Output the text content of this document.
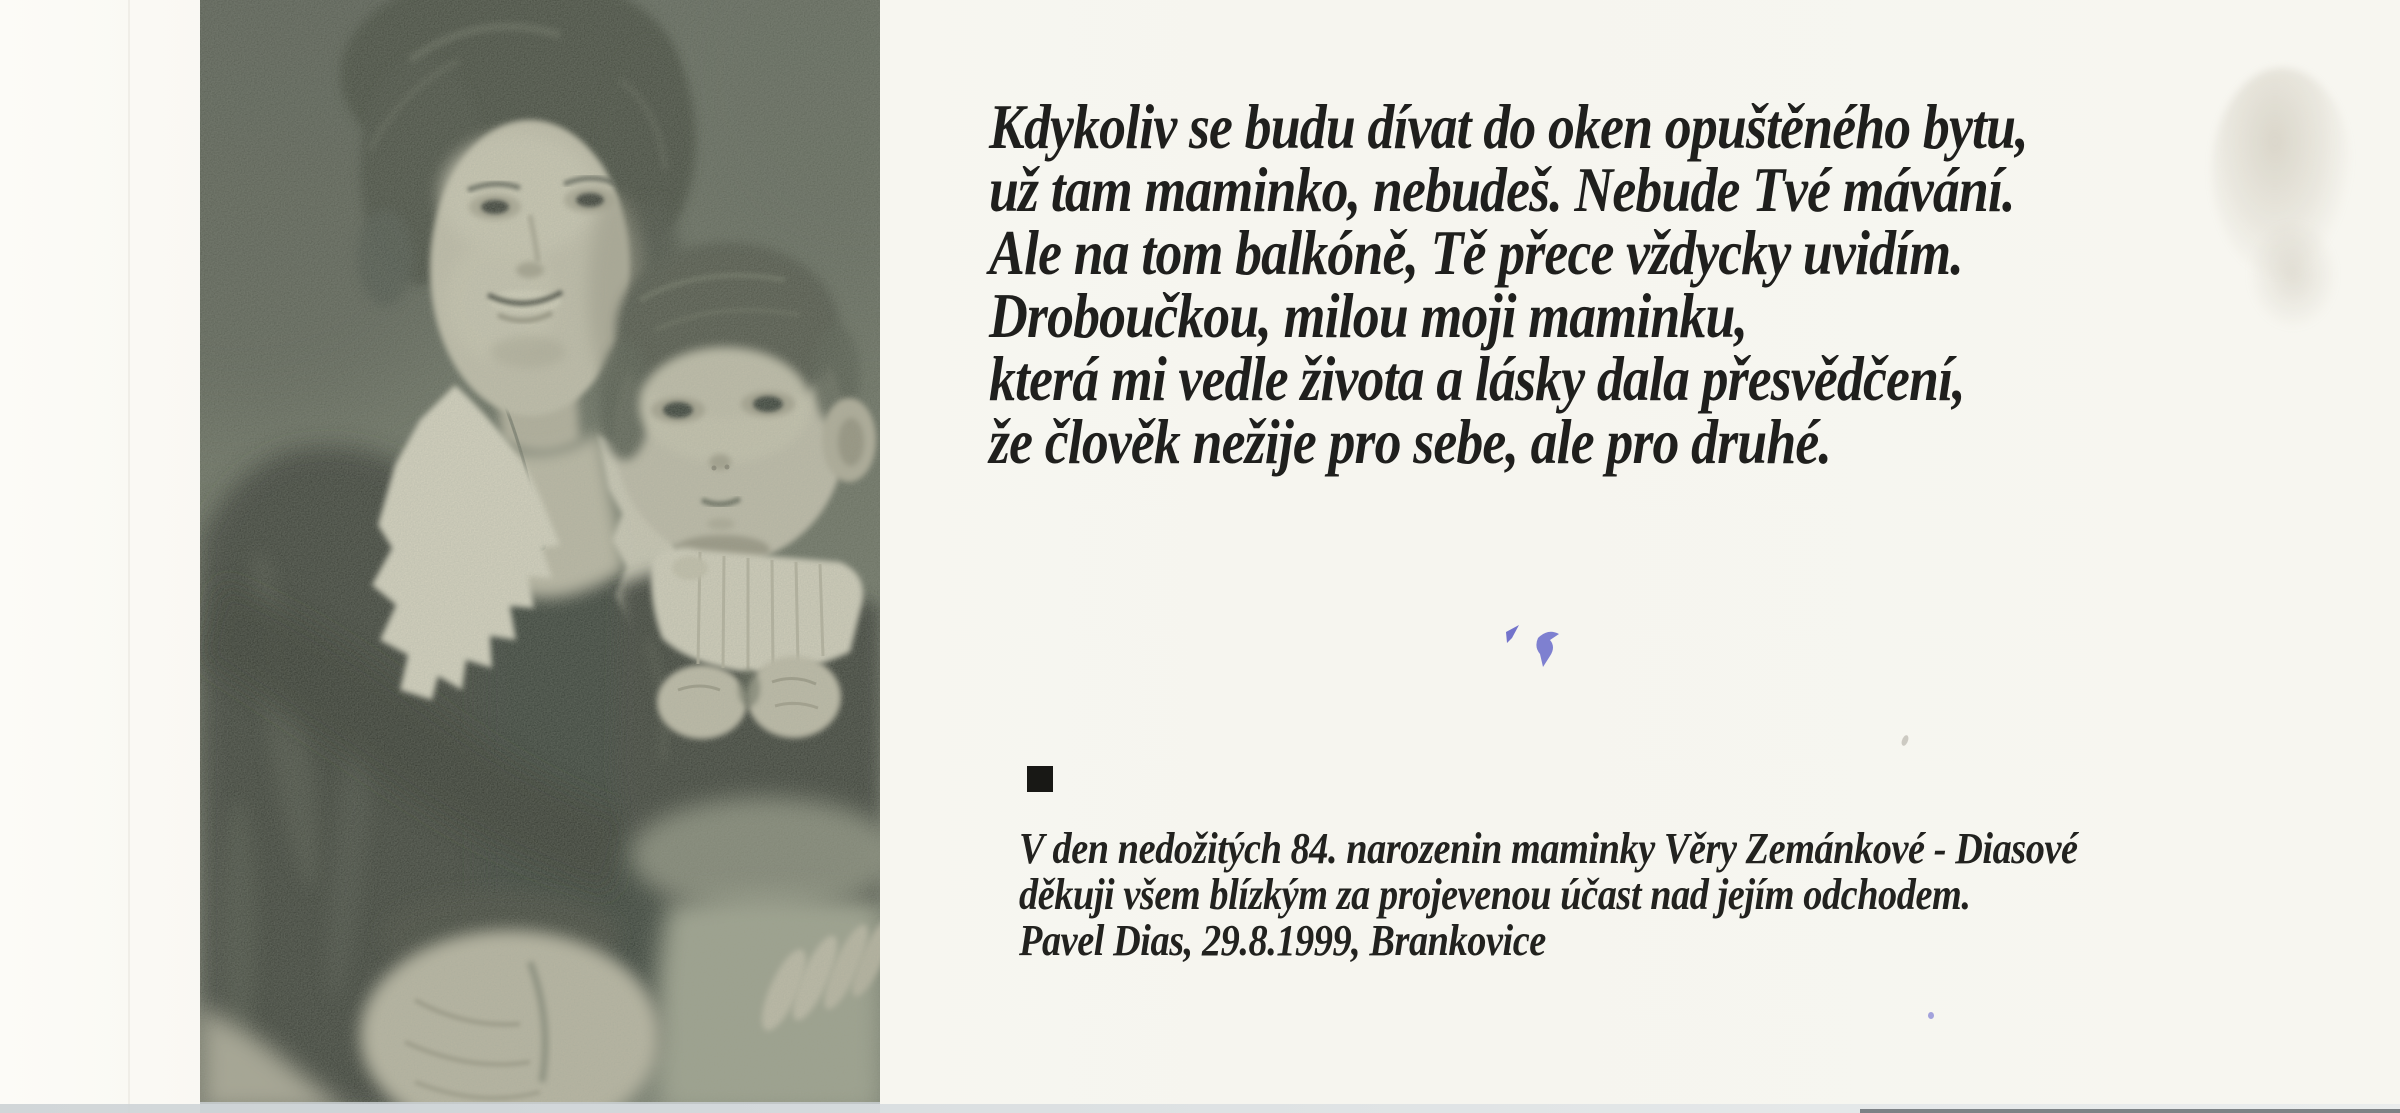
Kdykoliv se budu dívat do oken opuštěného bytu,
už tam maminko, nebudeš. Nebude Tvé mávání.
Ale na tom balkóně, Tě přece vždycky uvidím.
Droboučkou, milou moji maminku,
která mi vedle života a lásky dala přesvědčení,
že člověk nežije pro sebe, ale pro druhé.
V den nedožitých 84. narozenin maminky Věry Zemánkové - Diasové
děkuji všem blízkým za projevenou účast nad jejím odchodem.
Pavel Dias, 29.8.1999, Brankovice
